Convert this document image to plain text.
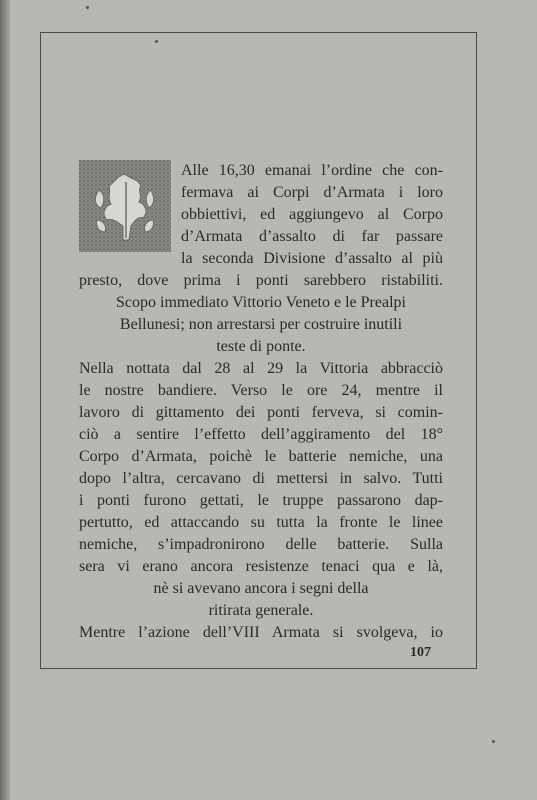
Alle 16,30 emanai l’ordine che con-
fermava ai Corpi d’Armata i loro
obbiettivi, ed aggiungevo al Corpo
d’Armata d’assalto di far passare
la seconda Divisione d’assalto al più
presto, dove prima i ponti sarebbero ristabiliti.
Scopo immediato Vittorio Veneto e le Prealpi
Bellunesi; non arrestarsi per costruire inutili
teste di ponte.
Nella nottata dal 28 al 29 la Vittoria abbracciò
le nostre bandiere. Verso le ore 24, mentre il
lavoro di gittamento dei ponti ferveva, si comin-
ciò a sentire l’effetto dell’aggiramento del 18°
Corpo d’Armata, poichè le batterie nemiche, una
dopo l’altra, cercavano di mettersi in salvo. Tutti
i ponti furono gettati, le truppe passarono dap-
pertutto, ed attaccando su tutta la fronte le linee
nemiche, s’impadronirono delle batterie. Sulla
sera vi erano ancora resistenze tenaci qua e là,
nè si avevano ancora i segni della
ritirata generale.
Mentre l’azione dell’VIII Armata si svolgeva, io
107
